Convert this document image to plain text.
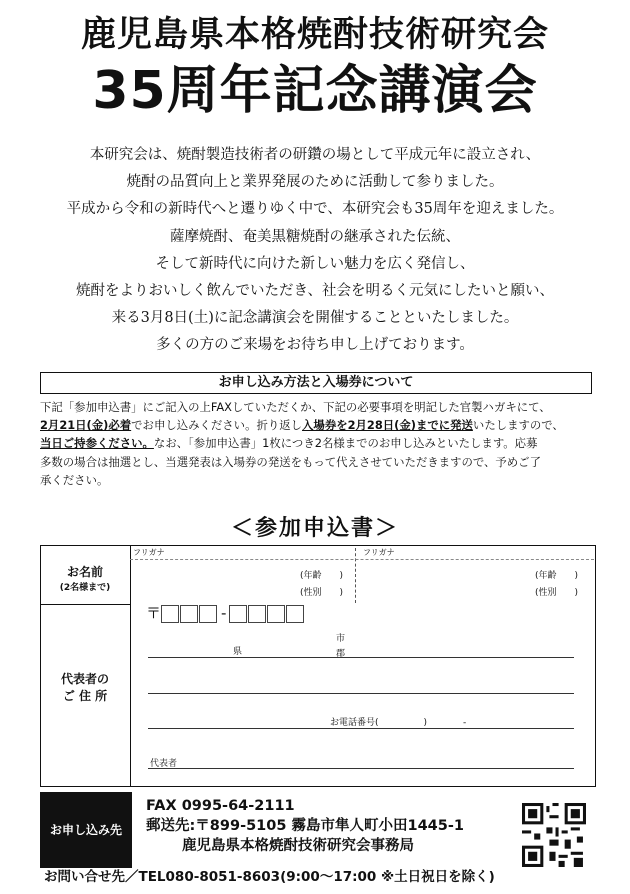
鹿児島県本格焼酎技術研究会
35周年記念講演会
本研究会は、焼酎製造技術者の研鑽の場として平成元年に設立され、
焼酎の品質向上と業界発展のために活動して参りました。
平成から令和の新時代へと遷りゆく中で、本研究会も35周年を迎えました。
薩摩焼酎、奄美黒糖焼酎の継承された伝統、
そして新時代に向けた新しい魅力を広く発信し、
焼酎をよりおいしく飲んでいただき、社会を明るく元気にしたいと願い、
来る3月8日(土)に記念講演会を開催することといたしました。
多くの方のご来場をお待ち申し上げております。
お申し込み方法と入場券について
下記「参加申込書」にご記入の上FAXしていただくか、下記の必要事項を明記した官製ハガキにて、
2月21日(金)必着でお申し込みください。折り返し入場券を2月28日(金)までに発送いたしますので、
当日ご持参ください。なお、「参加申込書」1枚につき2名様までのお申し込みといたします。応募
多数の場合は抽選とし、当選発表は入場券の発送をもって代えさせていただきますので、予めご了
承ください。
＜参加申込書＞
お名前
(2名様まで)
代表者の
ご 住 所
フリガナ	フリガナ
(年齢　　)
(性別　　)
(年齢　　)
(性別　　)
〒	-
県
市
郡
お電話番号(　　　　　)　　　　-
代表者
お申し込み先
FAX 0995-64-2111
郵送先:〒899-5105 霧島市隼人町小田1445-1
鹿児島県本格焼酎技術研究会事務局
お問い合せ先／TEL080-8051-8603(9:00〜17:00 ※土日祝日を除く)
